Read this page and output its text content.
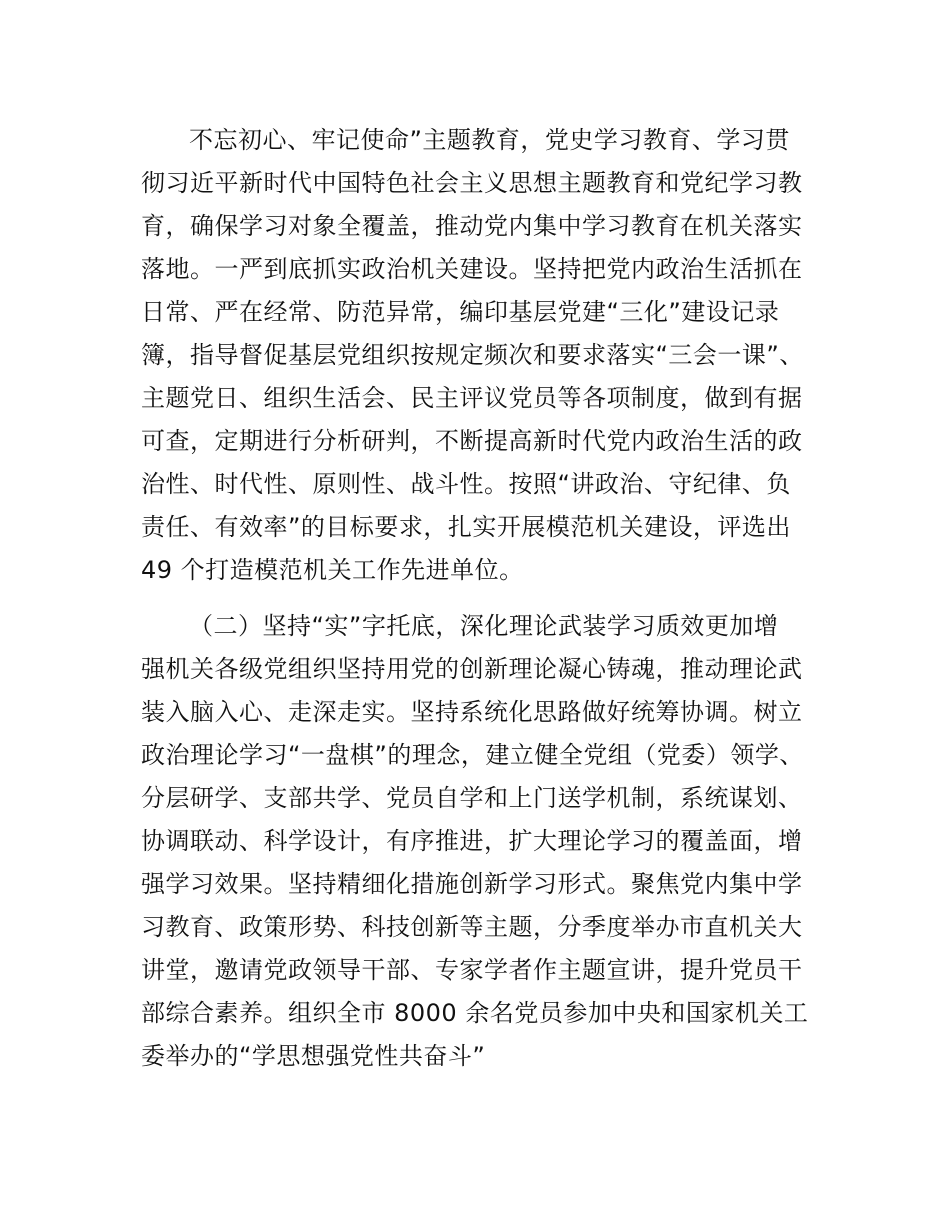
不忘初心、牢记使命”主题教育，党史学习教育、学习贯
彻习近平新时代中国特色社会主义思想主题教育和党纪学习教
育，确保学习对象全覆盖，推动党内集中学习教育在机关落实
落地。一严到底抓实政治机关建设。坚持把党内政治生活抓在
日常、严在经常、防范异常，编印基层党建“三化”建设记录
簿，指导督促基层党组织按规定频次和要求落实“三会一课”、
主题党日、组织生活会、民主评议党员等各项制度，做到有据
可查，定期进行分析研判，不断提高新时代党内政治生活的政
治性、时代性、原则性、战斗性。按照“讲政治、守纪律、负
责任、有效率”的目标要求，扎实开展模范机关建设，评选出
49 个打造模范机关工作先进单位。
（二）坚持“实”字托底，深化理论武装学习质效更加增
强机关各级党组织坚持用党的创新理论凝心铸魂，推动理论武
装入脑入心、走深走实。坚持系统化思路做好统筹协调。树立
政治理论学习“一盘棋”的理念，建立健全党组（党委）领学、
分层研学、支部共学、党员自学和上门送学机制，系统谋划、
协调联动、科学设计，有序推进，扩大理论学习的覆盖面，增
强学习效果。坚持精细化措施创新学习形式。聚焦党内集中学
习教育、政策形势、科技创新等主题，分季度举办市直机关大
讲堂，邀请党政领导干部、专家学者作主题宣讲，提升党员干
部综合素养。组织全市 8000 余名党员参加中央和国家机关工
委举办的“学思想强党性共奋斗”
